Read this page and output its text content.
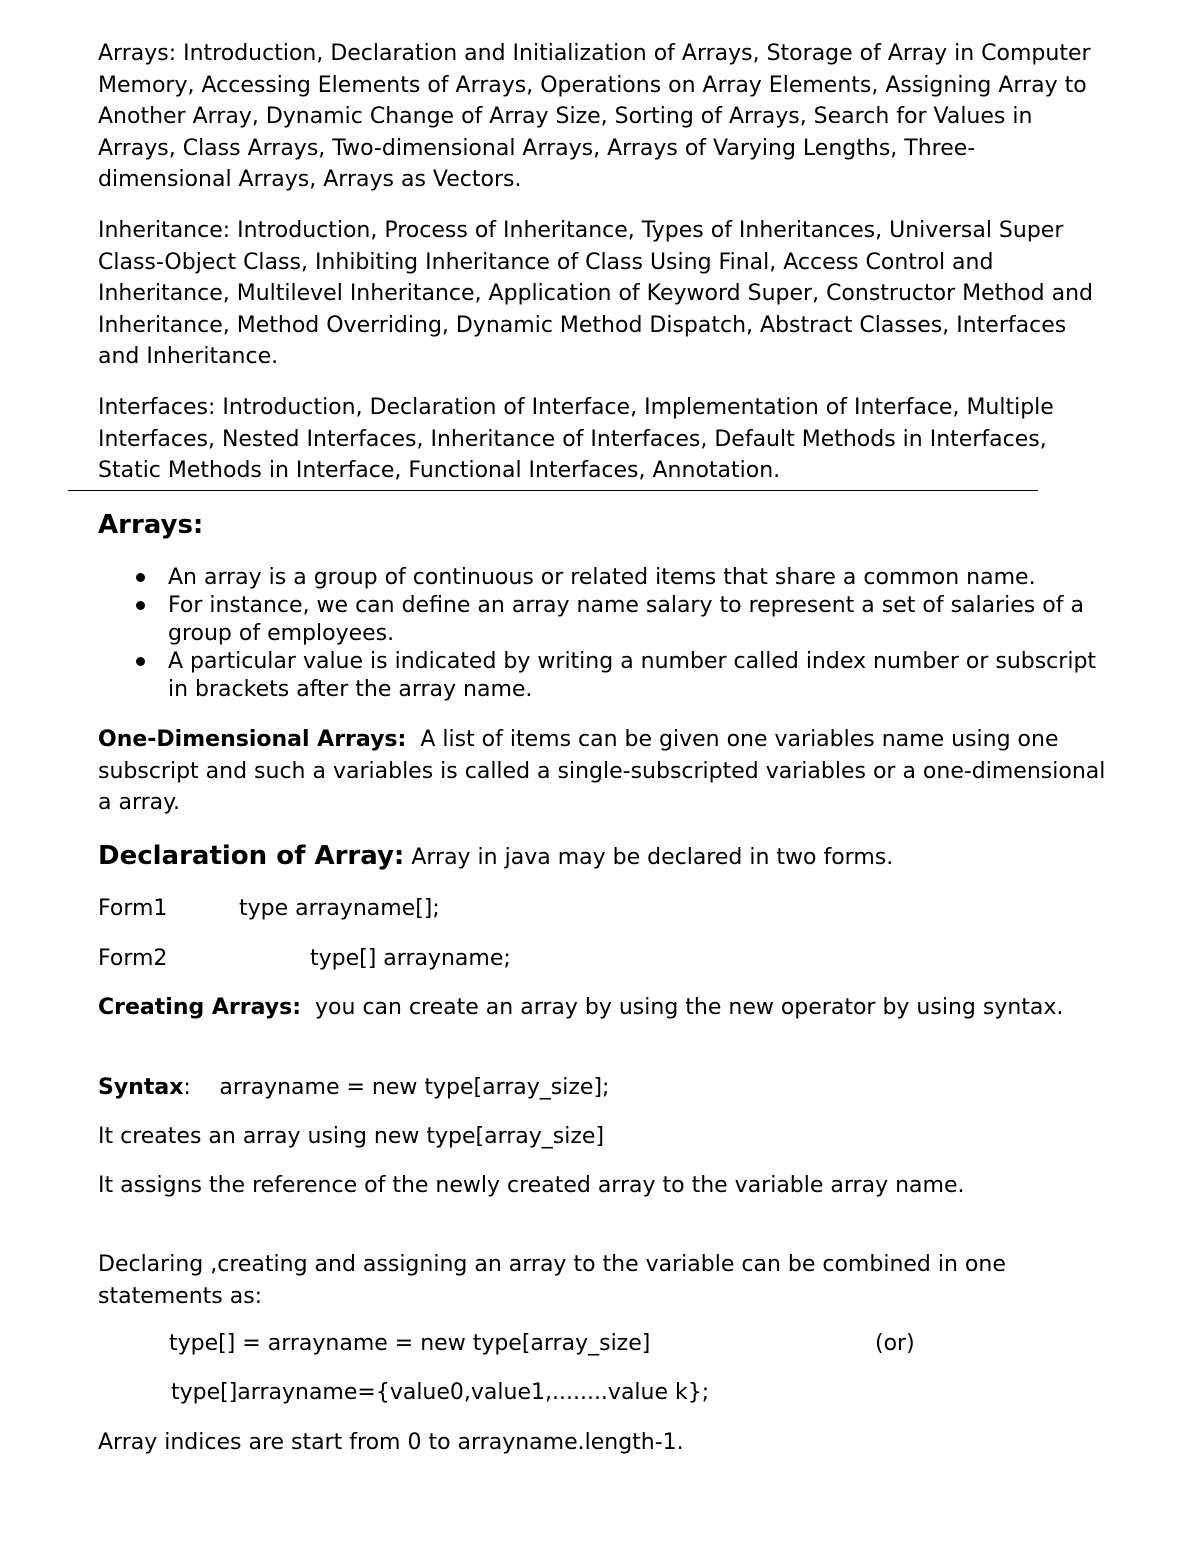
Arrays: Introduction, Declaration and Initialization of Arrays, Storage of Array in Computer Memory, Accessing Elements of Arrays, Operations on Array Elements, Assigning Array to Another Array, Dynamic Change of Array Size, Sorting of Arrays, Search for Values in Arrays, Class Arrays, Two-dimensional Arrays, Arrays of Varying Lengths, Three-dimensional Arrays, Arrays as Vectors.

Inheritance: Introduction, Process of Inheritance, Types of Inheritances, Universal Super Class-Object Class, Inhibiting Inheritance of Class Using Final, Access Control and Inheritance, Multilevel Inheritance, Application of Keyword Super, Constructor Method and Inheritance, Method Overriding, Dynamic Method Dispatch, Abstract Classes, Interfaces and Inheritance.

Interfaces: Introduction, Declaration of Interface, Implementation of Interface, Multiple Interfaces, Nested Interfaces, Inheritance of Interfaces, Default Methods in Interfaces, Static Methods in Interface, Functional Interfaces, Annotation.

Arrays:
An array is a group of continuous or related items that share a common name.
For instance, we can define an array name salary to represent a set of salaries of a group of employees.
A particular value is indicated by writing a number called index number or subscript in brackets after the array name.
One-Dimensional Arrays: A list of items can be given one variables name using one subscript and such a variables is called a single-subscripted variables or a one-dimensional a array.
Declaration of Array: Array in java may be declared in two forms.
Form1	type arrayname[];
Form2	type[] arrayname;
Creating Arrays: you can create an array by using the new operator by using syntax.
Syntax: arrayname = new type[array_size];
It creates an array using new type[array_size]
It assigns the reference of the newly created array to the variable array name.
Declaring ,creating and assigning an array to the variable can be combined in one statements as:
type[] = arrayname = new type[array_size]	(or)
type[]arrayname={value0,value1,........value k};
Array indices are start from 0 to arrayname.length-1.
